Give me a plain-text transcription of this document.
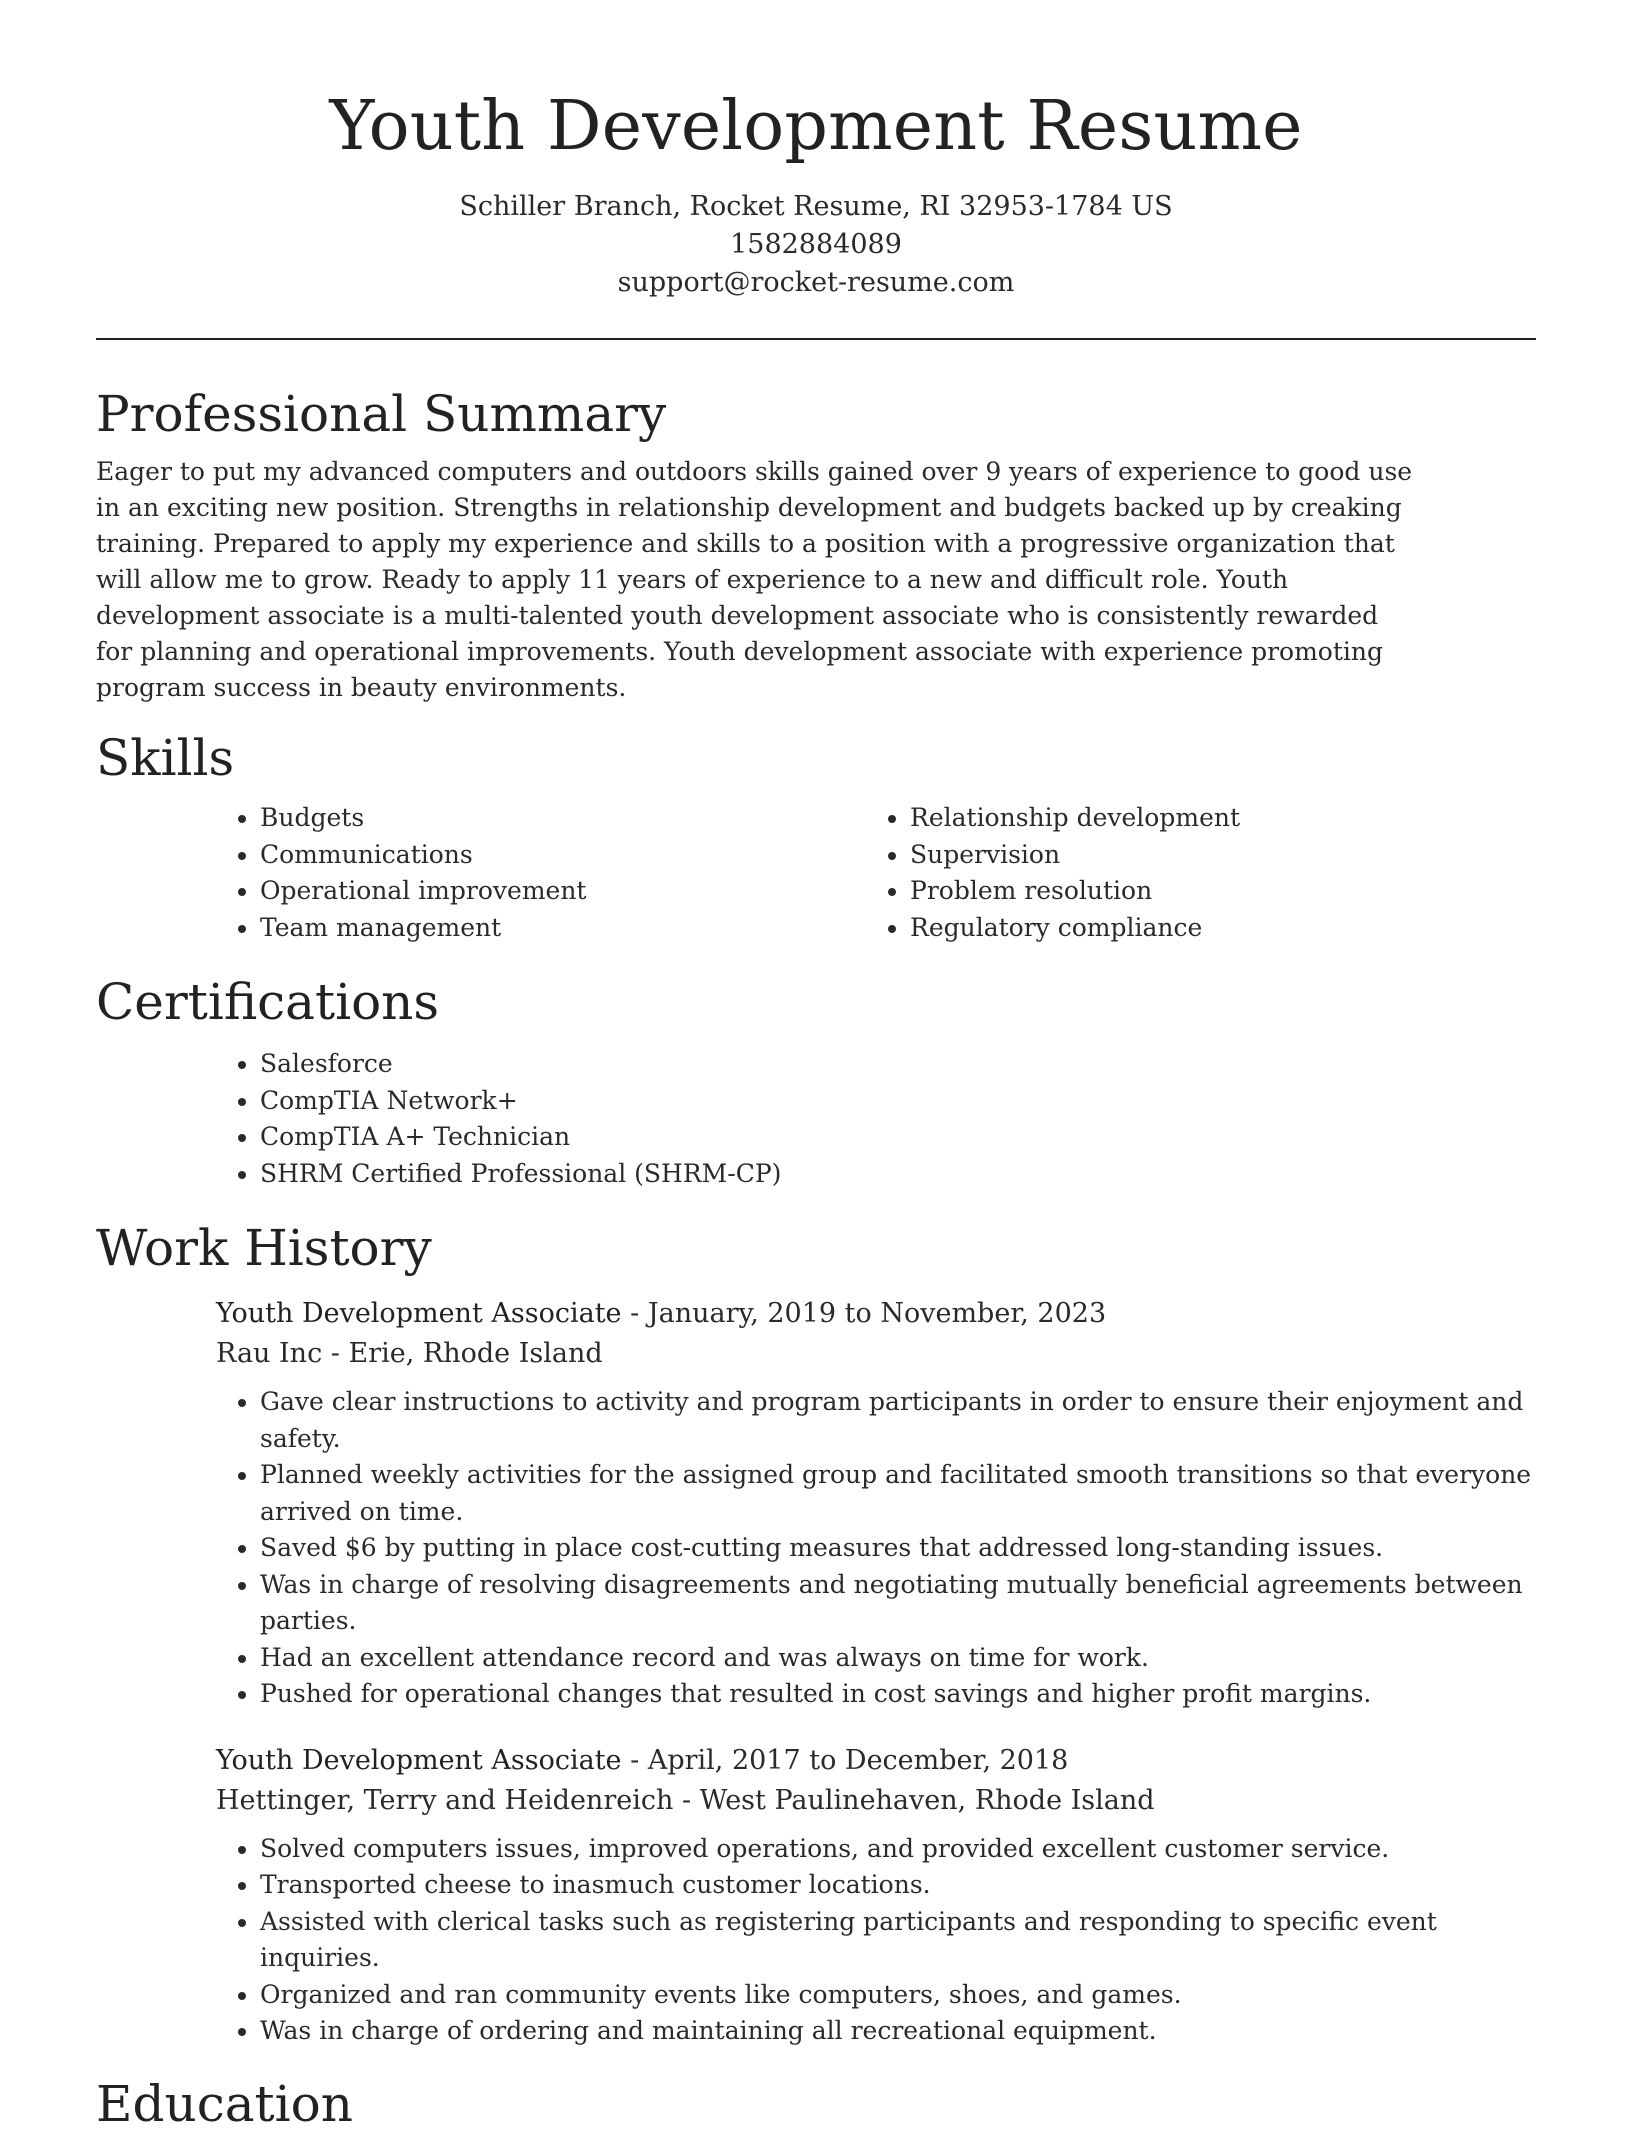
Youth Development Resume
Schiller Branch, Rocket Resume, RI 32953-1784 US
1582884089
support@rocket-resume.com
Professional Summary

Eager to put my advanced computers and outdoors skills gained over 9 years of experience to good use in an exciting new position. Strengths in relationship development and budgets backed up by creaking training. Prepared to apply my experience and skills to a position with a progressive organization that will allow me to grow. Ready to apply 11 years of experience to a new and difficult role. Youth development associate is a multi-talented youth development associate who is consistently rewarded for planning and operational improvements. Youth development associate with experience promoting program success in beauty environments.

Skills
• Budgets
• Communications
• Operational improvement
• Team management
• Relationship development
• Supervision
• Problem resolution
• Regulatory compliance
Certifications
• Salesforce
• CompTIA Network+
• CompTIA A+ Technician
• SHRM Certified Professional (SHRM-CP)
Work History
Youth Development Associate - January, 2019 to November, 2023
Rau Inc - Erie, Rhode Island
• Gave clear instructions to activity and program participants in order to ensure their enjoyment and safety.
• Planned weekly activities for the assigned group and facilitated smooth transitions so that everyone arrived on time.
• Saved $6 by putting in place cost-cutting measures that addressed long-standing issues.
• Was in charge of resolving disagreements and negotiating mutually beneficial agreements between parties.
• Had an excellent attendance record and was always on time for work.
• Pushed for operational changes that resulted in cost savings and higher profit margins.
Youth Development Associate - April, 2017 to December, 2018
Hettinger, Terry and Heidenreich - West Paulinehaven, Rhode Island
• Solved computers issues, improved operations, and provided excellent customer service.
• Transported cheese to inasmuch customer locations.
• Assisted with clerical tasks such as registering participants and responding to specific event inquiries.
• Organized and ran community events like computers, shoes, and games.
• Was in charge of ordering and maintaining all recreational equipment.
Education
